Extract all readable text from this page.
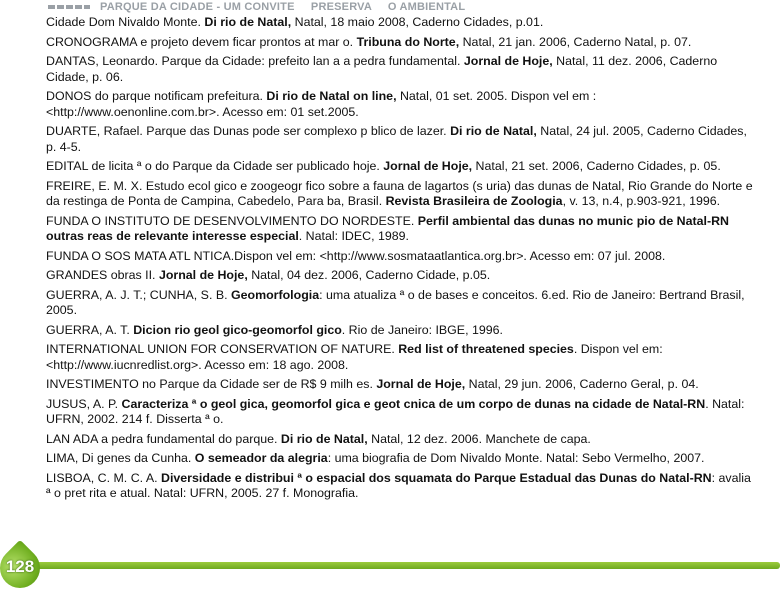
PARQUE DA CIDADE - UM CONVITE     PRESERVA     O AMBIENTAL

Cidade Dom Nivaldo Monte. Di rio de Natal, Natal, 18 maio 2008, Caderno Cidades, p.01.

CRONOGRAMA e projeto devem ficar prontos at mar o. Tribuna do Norte, Natal, 21 jan. 2006, Caderno Natal, p. 07.

DANTAS, Leonardo. Parque da Cidade: prefeito lan a a pedra fundamental. Jornal de Hoje, Natal, 11 dez. 2006, Caderno Cidade, p. 06.

DONOS do parque notificam prefeitura. Di rio de Natal on line, Natal, 01 set. 2005. Dispon vel em :<http://www.oenonline.com.br>. Acesso em: 01 set.2005.

DUARTE, Rafael. Parque das Dunas pode ser complexo p blico de lazer. Di rio de Natal, Natal, 24 jul. 2005, Caderno Cidades, p. 4-5.

EDITAL de licita ª o do Parque da Cidade ser publicado hoje. Jornal de Hoje, Natal, 21 set. 2006, Caderno Cidades, p. 05.

FREIRE, E. M. X. Estudo ecol gico e zoogeogr fico sobre a fauna de lagartos (s uria) das dunas de Natal, Rio Grande do Norte e da restinga de Ponta de Campina, Cabedelo, Para ba, Brasil. Revista Brasileira de Zoologia, v. 13, n.4, p.903-921, 1996.

FUNDA O INSTITUTO DE DESENVOLVIMENTO DO NORDESTE. Perfil ambiental das dunas no munic pio de Natal-RN outras reas de relevante interesse especial. Natal: IDEC, 1989.

FUNDA O SOS MATA ATL NTICA.Dispon vel em: <http://www.sosmataatlantica.org.br>. Acesso em: 07 jul. 2008.

GRANDES obras II. Jornal de Hoje, Natal, 04 dez. 2006, Caderno Cidade, p.05.

GUERRA, A. J. T.; CUNHA, S. B. Geomorfologia: uma atualiza ª o de bases e conceitos. 6.ed. Rio de Janeiro: Bertrand Brasil, 2005.

GUERRA, A. T. Dicion rio geol gico-geomorfol gico. Rio de Janeiro: IBGE, 1996.

INTERNATIONAL UNION FOR CONSERVATION OF NATURE. Red list of threatened species. Dispon vel em: <http://www.iucnredlist.org>. Acesso em: 18 ago. 2008.

INVESTIMENTO no Parque da Cidade ser de R$ 9 milh es. Jornal de Hoje, Natal, 29 jun. 2006, Caderno Geral, p. 04.

JUSUS, A. P. Caracteriza ª o geol gica, geomorfol gica e geot cnica de um corpo de dunas na cidade de Natal-RN. Natal: UFRN, 2002. 214 f. Disserta ª o.

LAN ADA a pedra fundamental do parque. Di rio de Natal, Natal, 12 dez. 2006. Manchete de capa.

LIMA, Di genes da Cunha. O semeador da alegria: uma biografia de Dom Nivaldo Monte. Natal: Sebo Vermelho, 2007.

LISBOA, C. M. C. A. Diversidade e distribui ª o espacial dos squamata do Parque Estadual das Dunas do Natal-RN: avalia ª o pret rita e atual. Natal: UFRN, 2005. 27 f. Monografia.

128
